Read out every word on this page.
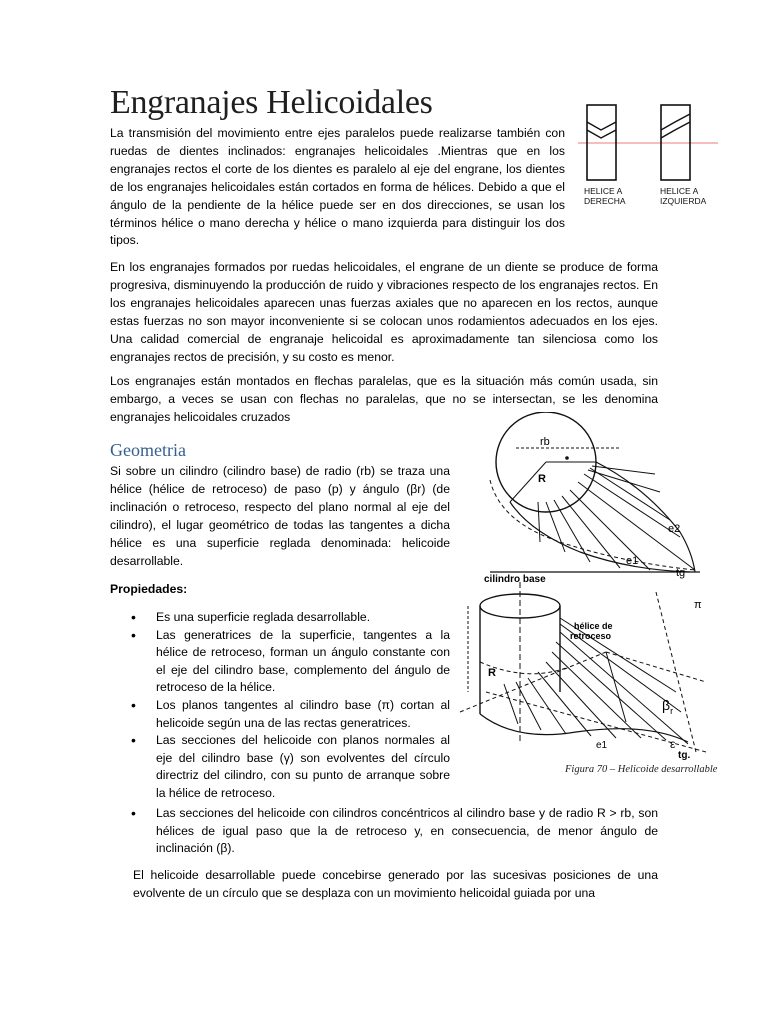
Engranajes Helicoidales

La transmisión del movimiento entre ejes paralelos puede realizarse también con ruedas de dientes inclinados: engranajes helicoidales .Mientras que en los engranajes rectos el corte de los dientes es paralelo al eje del engrane, los dientes de los engranajes helicoidales están cortados en forma de hélices. Debido a que el ángulo de la pendiente de la hélice puede ser en dos direcciones, se usan los términos hélice o mano derecha y hélice o mano izquierda para distinguir los dos tipos.

HELICE A
DERECHA
HELICE A
IZQUIERDA

En los engranajes formados por ruedas helicoidales, el engrane de un diente se produce de forma progresiva, disminuyendo la producción de ruido y vibraciones respecto de los engranajes rectos. En los engranajes helicoidales aparecen unas fuerzas axiales que no aparecen en los rectos, aunque estas fuerzas no son mayor inconveniente si se colocan unos rodamientos adecuados en los ejes. Una calidad comercial de engranaje helicoidal es aproximadamente tan silenciosa como los engranajes rectos de precisión, y su costo es menor.

Los engranajes están montados en flechas paralelas, que es la situación más común usada, sin embargo, a veces se usan con flechas no paralelas, que no se intersectan, se les denomina engranajes helicoidales cruzados

Geometria

Si sobre un cilindro (cilindro base) de radio (rb) se traza una hélice (hélice de retroceso) de paso (p) y ángulo (βr) (de inclinación o retroceso, respecto del plano normal al eje del cilindro), el lugar geométrico de todas las tangentes a dicha hélice es una superficie reglada denominada: helicoide desarrollable.

Propiedades:
• Es una superficie reglada desarrollable.
• Las generatrices de la superficie, tangentes a la hélice de retroceso, forman un ángulo constante con el eje del cilindro base, complemento del ángulo de retroceso de la hélice.
• Los planos tangentes al cilindro base (π) cortan al helicoide según una de las rectas generatrices.
• Las secciones del helicoide con planos normales al eje del cilindro base (γ) son evolventes del círculo directriz del cilindro, con su punto de arranque sobre la hélice de retroceso.
• Las secciones del helicoide con cilindros concéntricos al cilindro base y de radio R > rb, son hélices de igual paso que la de retroceso y, en consecuencia, de menor ángulo de inclinación (β).

El helicoide desarrollable puede concebirse generado por las sucesivas posiciones de una evolvente de un círculo que se desplaza con un movimiento helicoidal guiada por una

rb
R
e2
e1
tg
cilindro base
hélice de
retroceso
R
π
$\beta_r$
e1	ε
tg.
Figura 70 – Helicoide desarrollable
